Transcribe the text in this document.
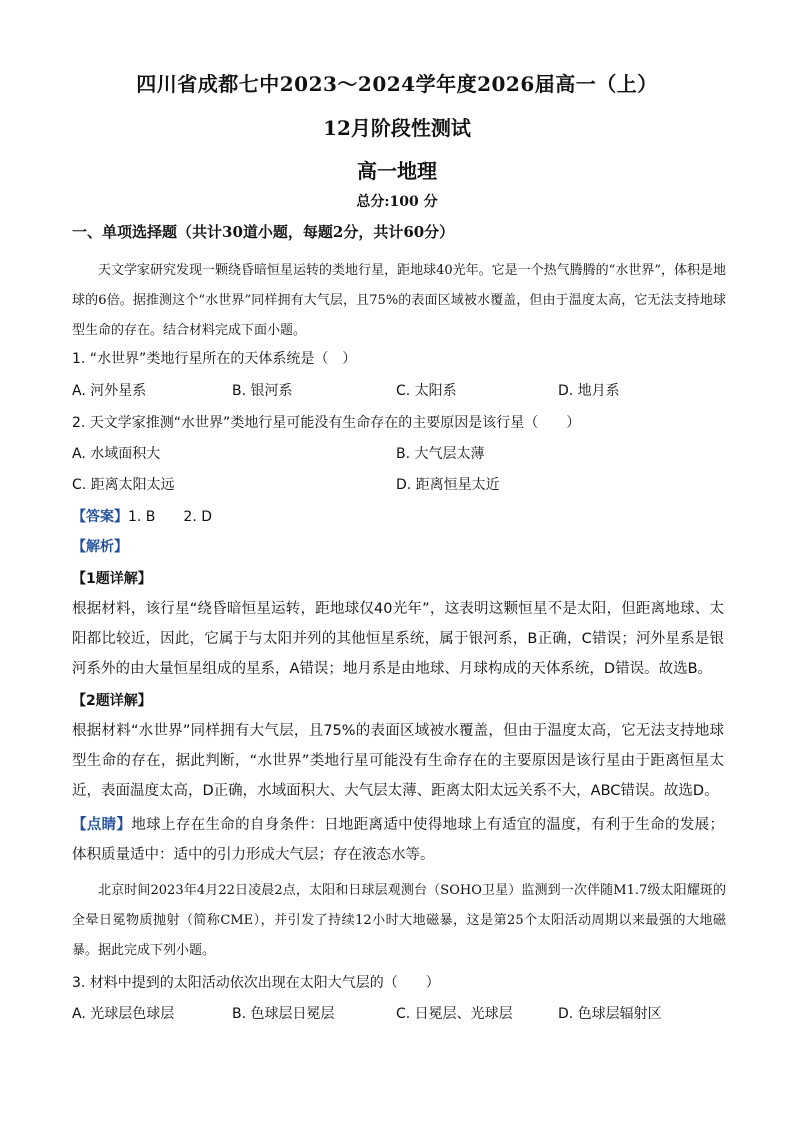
四川省成都七中2023～2024学年度2026届高一（上）
12月阶段性测试
高一地理
总分:100 分
一、单项选择题（共计30道小题，每题2分，共计60分）
天文学家研究发现一颗绕昏暗恒星运转的类地行星，距地球40光年。它是一个热气腾腾的“水世界”，体积是地球的6倍。据推测这个“水世界”同样拥有大气层，且75%的表面区域被水覆盖，但由于温度太高，它无法支持地球型生命的存在。结合材料完成下面小题。
1. “水世界”类地行星所在的天体系统是（　）
A. 河外星系	B. 银河系	C. 太阳系	D. 地月系
2. 天文学家推测“水世界”类地行星可能没有生命存在的主要原因是该行星（　　）
A. 水域面积大	B. 大气层太薄
C. 距离太阳太远	D. 距离恒星太近
【答案】1. B　　2. D
【解析】
【1题详解】
根据材料，该行星“绕昏暗恒星运转，距地球仅40光年”，这表明这颗恒星不是太阳，但距离地球、太阳都比较近，因此，它属于与太阳并列的其他恒星系统，属于银河系，B正确，C错误；河外星系是银河系外的由大量恒星组成的星系，A错误；地月系是由地球、月球构成的天体系统，D错误。故选B。
【2题详解】
根据材料“水世界”同样拥有大气层，且75%的表面区域被水覆盖，但由于温度太高，它无法支持地球型生命的存在，据此判断，“水世界”类地行星可能没有生命存在的主要原因是该行星由于距离恒星太近，表面温度太高，D正确，水域面积大、大气层太薄、距离太阳太远关系不大，ABC错误。故选D。
【点睛】地球上存在生命的自身条件：日地距离适中使得地球上有适宜的温度，有利于生命的发展；体积质量适中：适中的引力形成大气层；存在液态水等。
北京时间2023年4月22日凌晨2点，太阳和日球层观测台（SOHO卫星）监测到一次伴随M1.7级太阳耀斑的全晕日冕物质抛射（简称CME），并引发了持续12小时大地磁暴，这是第25个太阳活动周期以来最强的大地磁暴。据此完成下列小题。
3. 材料中提到的太阳活动依次出现在太阳大气层的（　　）
A. 光球层色球层	B. 色球层日冕层	C. 日冕层、光球层	D. 色球层辐射区
